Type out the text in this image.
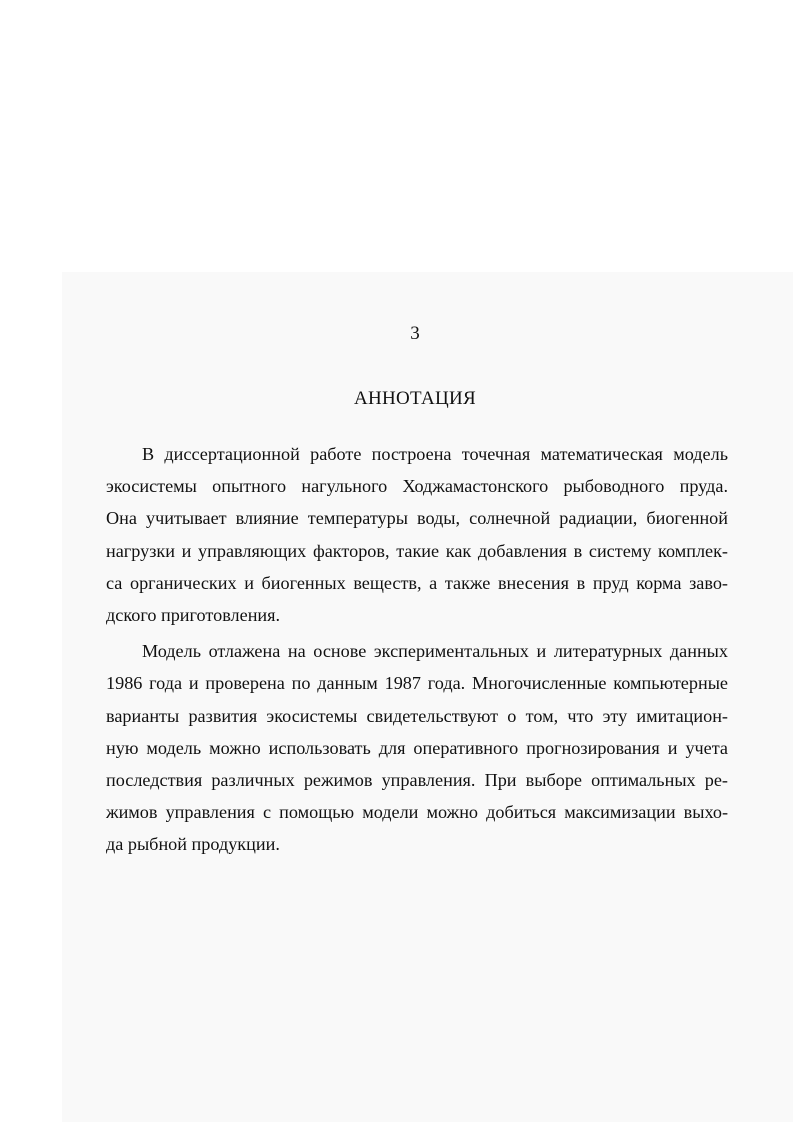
3
АННОТАЦИЯ

В диссертационной работе построена точечная математическая модель
экосистемы опытного нагульного Ходжамастонского рыбоводного пруда.
Она учитывает влияние температуры воды, солнечной радиации, биогенной
нагрузки и управляющих факторов, такие как добавления в систему комплек-
са органических и биогенных веществ, а также внесения в пруд корма заво-
дского приготовления.

Модель отлажена на основе экспериментальных и литературных данных
1986 года и проверена по данным 1987 года. Многочисленные компьютерные
варианты развития экосистемы свидетельствуют о том, что эту имитацион-
ную модель можно использовать для оперативного прогнозирования и учета
последствия различных режимов управления. При выборе оптимальных ре-
жимов управления с помощью модели можно добиться максимизации выхо-
да рыбной продукции.
